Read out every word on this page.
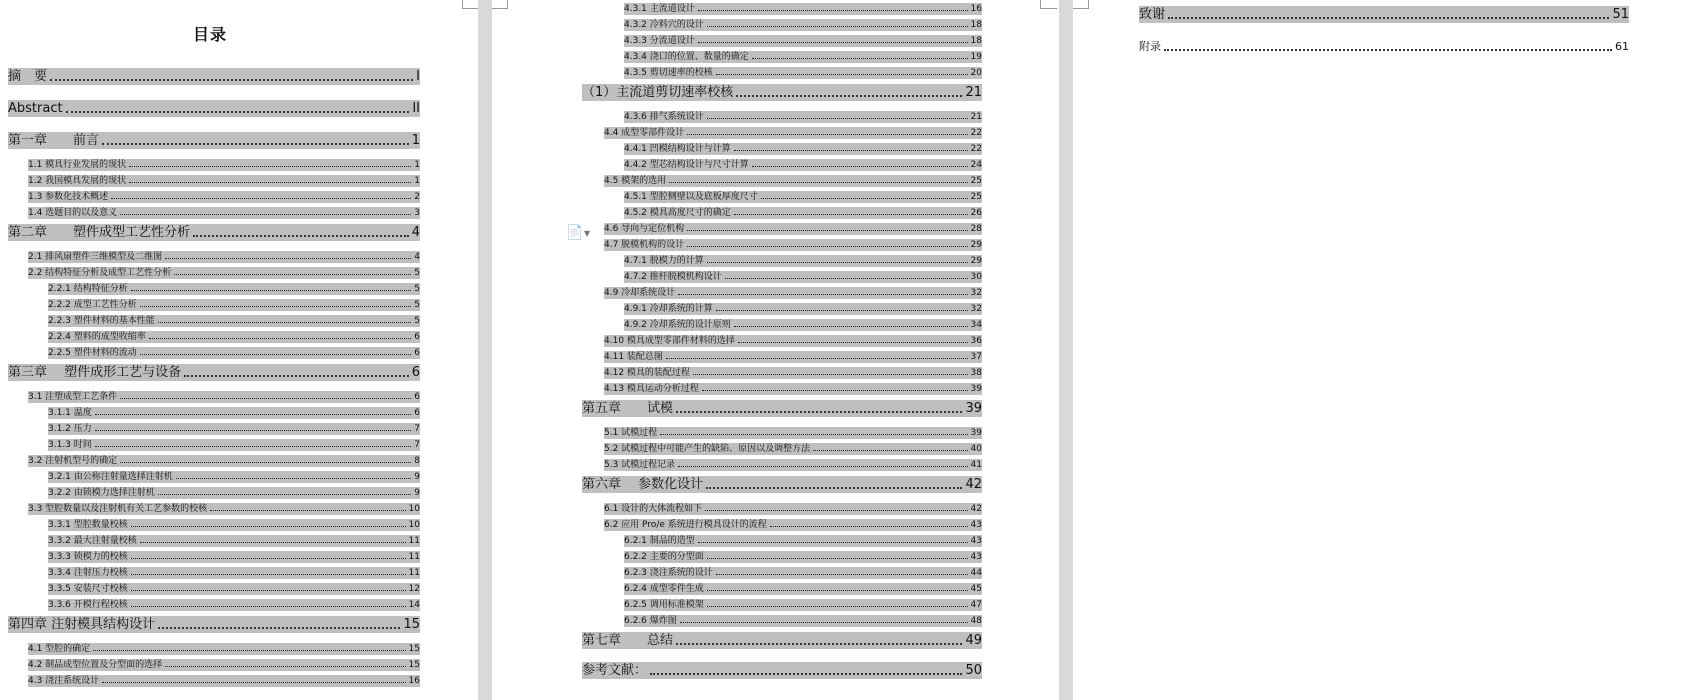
目录
摘　要	I
Abstract	II
第一章　　前言	1
1.1 模具行业发展的现状	1
1.2 我国模具发展的现状	1
1.3 参数化技术概述	2
1.4 选题目的以及意义	3
第二章　　塑件成型工艺性分析	4
2.1 排风扇塑件三维模型及二维图	4
2.2 结构特征分析及成型工艺性分析	5
2.2.1 结构特征分析	5
2.2.2 成型工艺性分析	5
2.2.3 塑件材料的基本性能	5
2.2.4 塑料的成型收缩率	6
2.2.5 塑件材料的流动	6
第三章　 塑件成形工艺与设备	6
3.1 注塑成型工艺条件	6
3.1.1 温度	6
3.1.2 压力	7
3.1.3 时间	7
3.2 注射机型号的确定	8
3.2.1 由公称注射量选择注射机	9
3.2.2 由锁模力选择注射机	9
3.3 型腔数量以及注射机有关工艺参数的校核	10
3.3.1 型腔数量校核	10
3.3.2 最大注射量校核	11
3.3.3 锁模力的校核	11
3.3.4 注射压力校核	11
3.3.5 安装尺寸校核	12
3.3.6 开模行程校核	14
第四章 注射模具结构设计	15
4.1 型腔的确定	15
4.2 制品成型位置及分型面的选择	15
4.3 浇注系统设计	16
4.3.1 主流道设计	16
4.3.2 冷料穴的设计	18
4.3.3 分流道设计	18
4.3.4 浇口的位置、数量的确定	19
4.3.5 剪切速率的校核	20
（1）主流道剪切速率校核	21
4.3.6 排气系统设计	21
4.4 成型零部件设计	22
4.4.1 凹模结构设计与计算	22
4.4.2 型芯结构设计与尺寸计算	24
4.5 模架的选用	25
4.5.1 型腔侧壁以及底板厚度尺寸	25
4.5.2 模具高度尺寸的确定	26
4.6 导向与定位机构	28
4.7 脱模机构的设计	29
4.7.1 脱模力的计算	29
4.7.2 推杆脱模机构设计	30
4.9 冷却系统设计	32
4.9.1 冷却系统的计算	32
4.9.2 冷却系统的设计原则	34
4.10 模具成型零部件材料的选择	36
4.11 装配总图	37
4.12 模具的装配过程	38
4.13 模具运动分析过程	39
第五章　　试模	39
5.1 试模过程	39
5.2 试模过程中可能产生的缺陷、原因以及调整方法	40
5.3 试模过程记录	41
第六章　 参数化设计	42
6.1 设计的大体流程如下	42
6.2 应用 Pro/e 系统进行模具设计的流程	43
6.2.1 制品的造型	43
6.2.2 主要的分型面	43
6.2.3 浇注系统的设计	44
6.2.4 成型零件生成	45
6.2.5 调用标准模架	47
6.2.6 爆炸图	48
第七章　　总结	49
参考文献：	50
📄 ▼
致谢	51
附录	61
